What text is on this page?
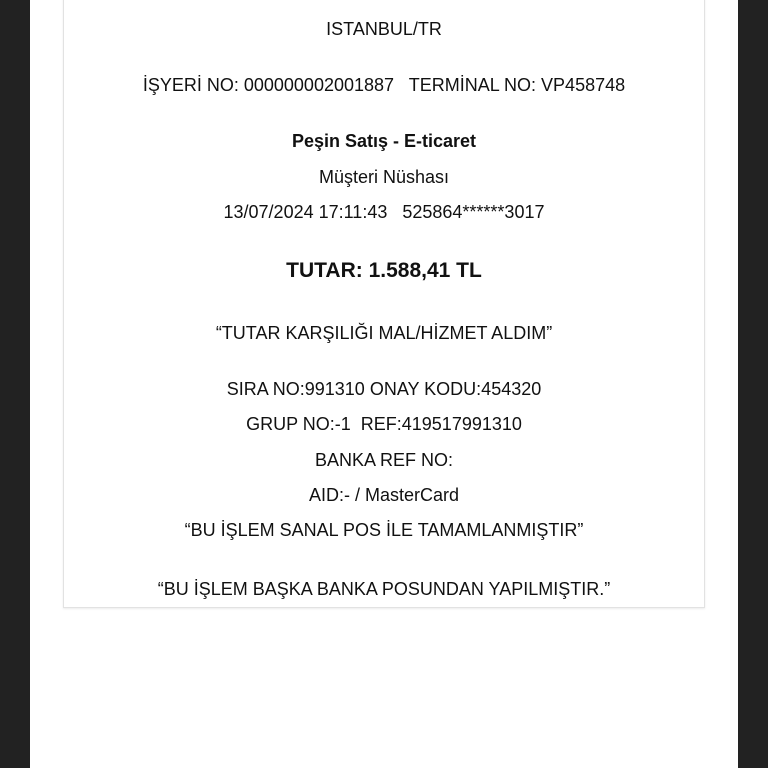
ISTANBUL/TR
İŞYERİ NO: 000000002001887   TERMİNAL NO: VP458748
Peşin Satış - E-ticaret
Müşteri Nüshası
13/07/2024 17:11:43   525864******3017
TUTAR: 1.588,41 TL
“TUTAR KARŞILIĞI MAL/HİZMET ALDIM”
SIRA NO:991310 ONAY KODU:454320
GRUP NO:-1  REF:419517991310
BANKA REF NO:
AID:- / MasterCard
“BU İŞLEM SANAL POS İLE TAMAMLANMIŞTIR”
“BU İŞLEM BAŞKA BANKA POSUNDAN YAPILMIŞTIR.”
